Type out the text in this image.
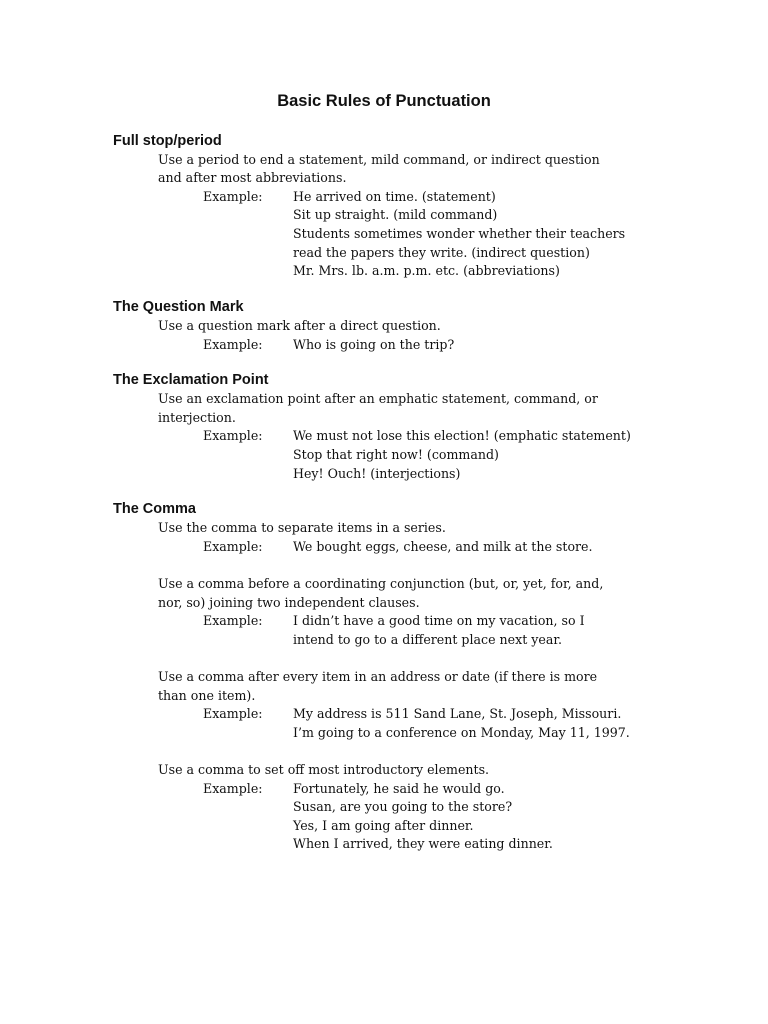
Basic Rules of Punctuation
Full stop/period
Use a period to end a statement, mild command, or indirect question
and after most abbreviations.
Example: He arrived on time. (statement)
Sit up straight. (mild command)
Students sometimes wonder whether their teachers
read the papers they write. (indirect question)
Mr. Mrs. lb. a.m. p.m. etc. (abbreviations)
The Question Mark
Use a question mark after a direct question.
Example: Who is going on the trip?
The Exclamation Point
Use an exclamation point after an emphatic statement, command, or
interjection.
Example: We must not lose this election! (emphatic statement)
Stop that right now! (command)
Hey! Ouch! (interjections)
The Comma
Use the comma to separate items in a series.
Example: We bought eggs, cheese, and milk at the store.
Use a comma before a coordinating conjunction (but, or, yet, for, and,
nor, so) joining two independent clauses.
Example: I didn’t have a good time on my vacation, so I
intend to go to a different place next year.
Use a comma after every item in an address or date (if there is more
than one item).
Example: My address is 511 Sand Lane, St. Joseph, Missouri.
I’m going to a conference on Monday, May 11, 1997.
Use a comma to set off most introductory elements.
Example: Fortunately, he said he would go.
Susan, are you going to the store?
Yes, I am going after dinner.
When I arrived, they were eating dinner.
